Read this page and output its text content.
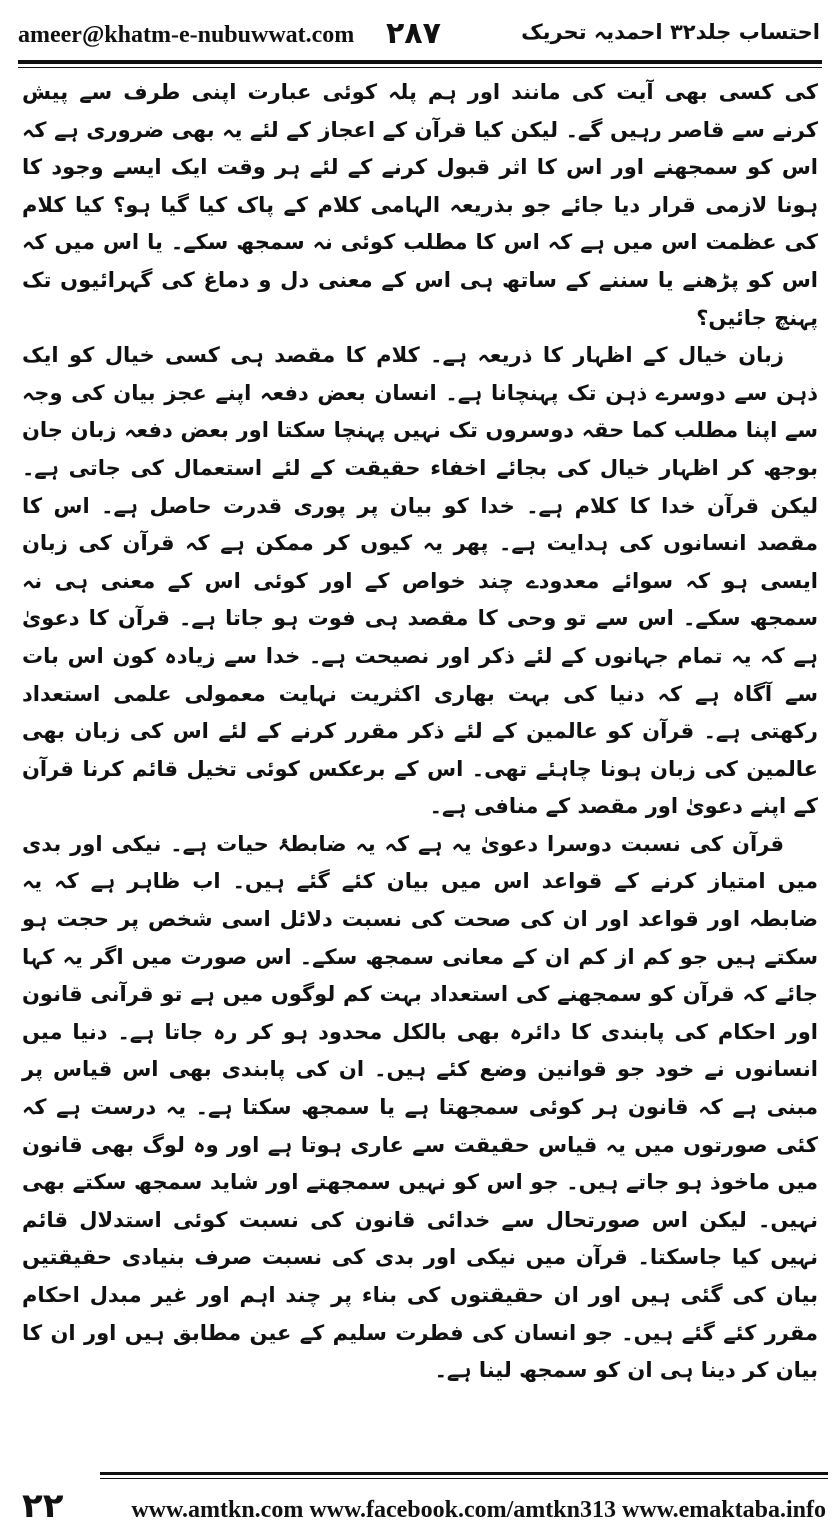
ameer@khatm-e-nubuwwat.com ۲۸۷	احتساب جلد۳۲ احمدیہ تحریک

کی کسی بھی آیت کی مانند اور ہم پلہ کوئی عبارت اپنی طرف سے پیش کرنے سے قاصر رہیں گے۔ لیکن کیا قرآن کے اعجاز کے لئے یہ بھی ضروری ہے کہ اس کو سمجھنے اور اس کا اثر قبول کرنے کے لئے ہر وقت ایک ایسے وجود کا ہونا لازمی قرار دیا جائے جو بذریعہ الہامی کلام کے پاک کیا گیا ہو؟ کیا کلام کی عظمت اس میں ہے کہ اس کا مطلب کوئی نہ سمجھ سکے۔ یا اس میں کہ اس کو پڑھنے یا سننے کے ساتھ ہی اس کے معنی دل و دماغ کی گہرائیوں تک پہنچ جائیں؟

زبان خیال کے اظہار کا ذریعہ ہے۔ کلام کا مقصد ہی کسی خیال کو ایک ذہن سے دوسرے ذہن تک پہنچانا ہے۔ انسان بعض دفعہ اپنے عجز بیان کی وجہ سے اپنا مطلب کما حقہ دوسروں تک نہیں پہنچا سکتا اور بعض دفعہ زبان جان بوجھ کر اظہار خیال کی بجائے اخفاء حقیقت کے لئے استعمال کی جاتی ہے۔ لیکن قرآن خدا کا کلام ہے۔ خدا کو بیان پر پوری قدرت حاصل ہے۔ اس کا مقصد انسانوں کی ہدایت ہے۔ پھر یہ کیوں کر ممکن ہے کہ قرآن کی زبان ایسی ہو کہ سوائے معدودے چند خواص کے اور کوئی اس کے معنی ہی نہ سمجھ سکے۔ اس سے تو وحی کا مقصد ہی فوت ہو جاتا ہے۔ قرآن کا دعویٰ ہے کہ یہ تمام جہانوں کے لئے ذکر اور نصیحت ہے۔ خدا سے زیادہ کون اس بات سے آگاہ ہے کہ دنیا کی بہت بھاری اکثریت نہایت معمولی علمی استعداد رکھتی ہے۔ قرآن کو عالمین کے لئے ذکر مقرر کرنے کے لئے اس کی زبان بھی عالمین کی زبان ہونا چاہئے تھی۔ اس کے برعکس کوئی تخیل قائم کرنا قرآن کے اپنے دعویٰ اور مقصد کے منافی ہے۔

قرآن کی نسبت دوسرا دعویٰ یہ ہے کہ یہ ضابطۂ حیات ہے۔ نیکی اور بدی میں امتیاز کرنے کے قواعد اس میں بیان کئے گئے ہیں۔ اب ظاہر ہے کہ یہ ضابطہ اور قواعد اور ان کی صحت کی نسبت دلائل اسی شخص پر حجت ہو سکتے ہیں جو کم از کم ان کے معانی سمجھ سکے۔ اس صورت میں اگر یہ کہا جائے کہ قرآن کو سمجھنے کی استعداد بہت کم لوگوں میں ہے تو قرآنی قانون اور احکام کی پابندی کا دائرہ بھی بالکل محدود ہو کر رہ جاتا ہے۔ دنیا میں انسانوں نے خود جو قوانین وضع کئے ہیں۔ ان کی پابندی بھی اس قیاس پر مبنی ہے کہ قانون ہر کوئی سمجھتا ہے یا سمجھ سکتا ہے۔ یہ درست ہے کہ کئی صورتوں میں یہ قیاس حقیقت سے عاری ہوتا ہے اور وہ لوگ بھی قانون میں ماخوذ ہو جاتے ہیں۔ جو اس کو نہیں سمجھتے اور شاید سمجھ سکتے بھی نہیں۔ لیکن اس صورتحال سے خدائی قانون کی نسبت کوئی استدلال قائم نہیں کیا جاسکتا۔ قرآن میں نیکی اور بدی کی نسبت صرف بنیادی حقیقتیں بیان کی گئی ہیں اور ان حقیقتوں کی بناء پر چند اہم اور غیر مبدل احکام مقرر کئے گئے ہیں۔ جو انسان کی فطرت سلیم کے عین مطابق ہیں اور ان کا بیان کر دینا ہی ان کو سمجھ لینا ہے۔

۲۲	www.amtkn.com www.facebook.com/amtkn313 www.emaktaba.info
